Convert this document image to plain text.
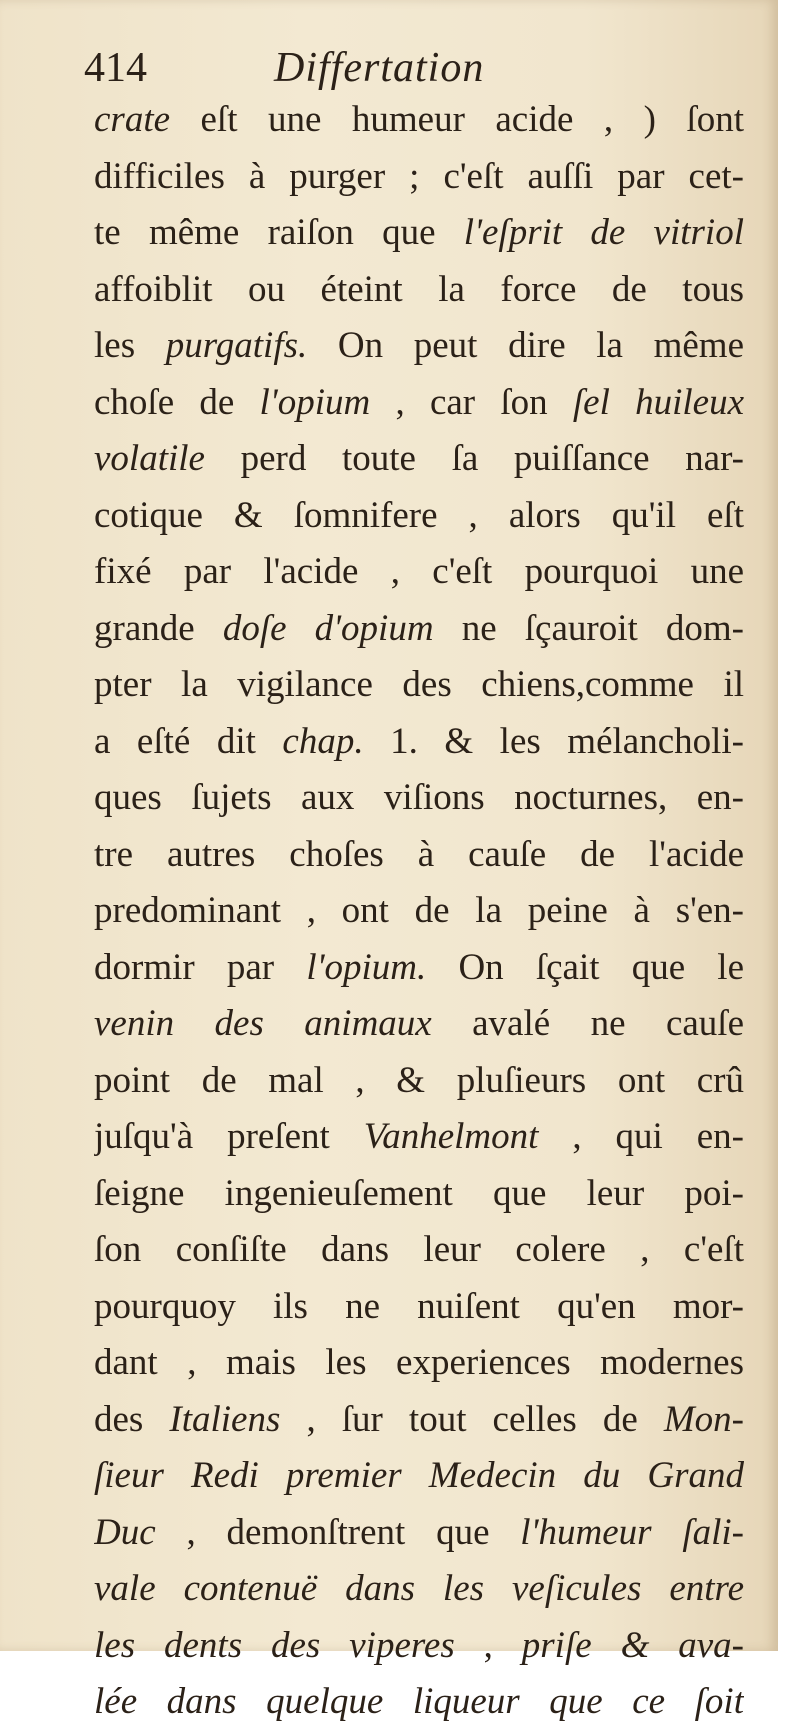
414	Differtation
crate eſt une humeur acide , ) ſont
difficiles à purger ; c'eſt auſſi par cet-
te même raiſon que l'eſprit de vitriol
affoiblit ou éteint la force de tous
les purgatifs. On peut dire la même
choſe de l'opium , car ſon ſel huileux
volatile perd toute ſa puiſſance nar-
cotique & ſomnifere , alors qu'il eſt
fixé par l'acide , c'eſt pourquoi une
grande doſe d'opium ne ſçauroit dom-
pter la vigilance des chiens,comme il
a eſté dit chap. 1. & les mélancholi-
ques ſujets aux viſions nocturnes, en-
tre autres choſes à cauſe de l'acide
predominant , ont de la peine à s'en-
dormir par l'opium. On ſçait que le
venin des animaux avalé ne cauſe
point de mal , & pluſieurs ont crû
juſqu'à preſent Vanhelmont , qui en-
ſeigne ingenieuſement que leur poi-
ſon conſiſte dans leur colere , c'eſt
pourquoy ils ne nuiſent qu'en mor-
dant , mais les experiences modernes
des Italiens , ſur tout celles de Mon-
ſieur Redi premier Medecin du Grand
Duc , demonſtrent que l'humeur ſali-
vale contenuë dans les veſicules entre
les dents des viperes , priſe & ava-
lée dans quelque liqueur que ce ſoit
